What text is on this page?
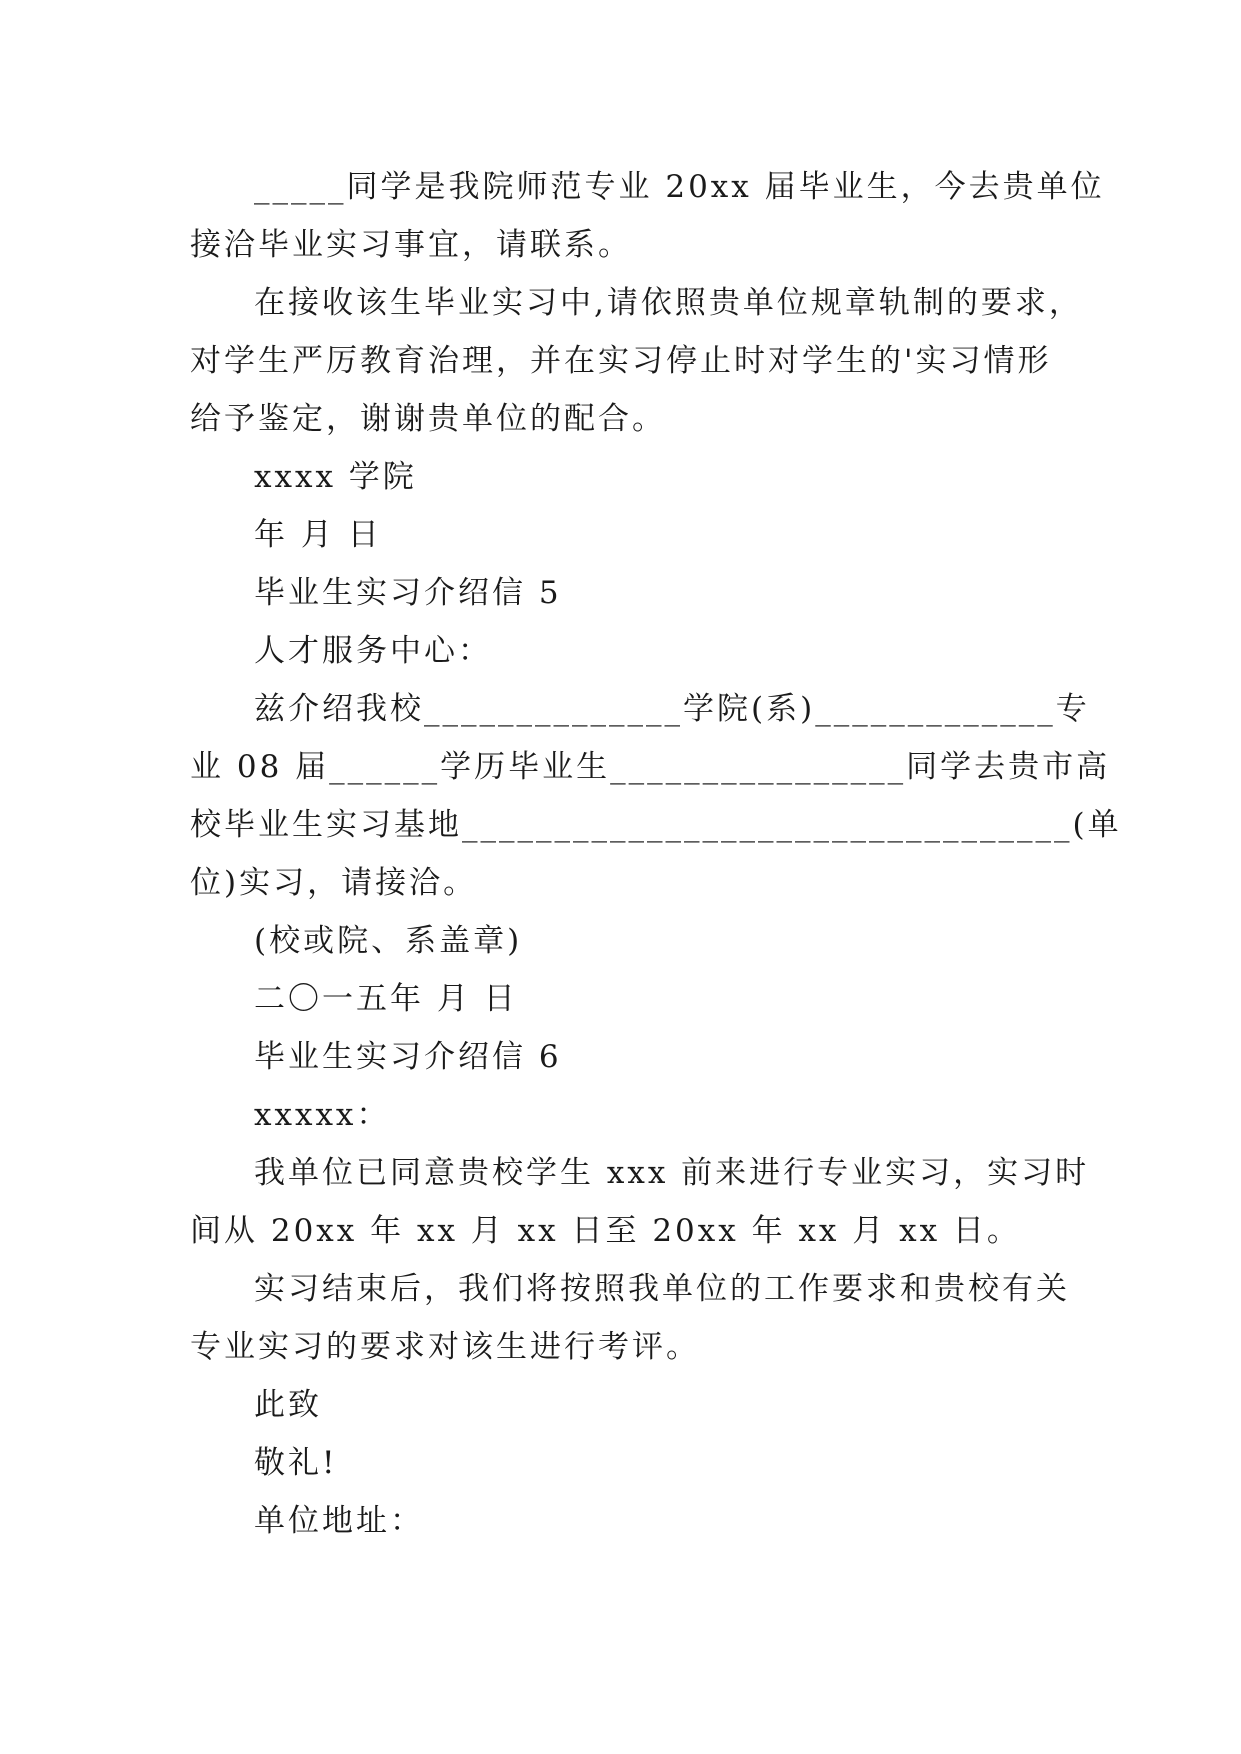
_____同学是我院师范专业 20xx 届毕业生，今去贵单位
接洽毕业实习事宜，请联系。
在接收该生毕业实习中,请依照贵单位规章轨制的要求，
对学生严厉教育治理，并在实习停止时对学生的'实习情形
给予鉴定，谢谢贵单位的配合。
xxxx 学院
年 月 日
毕业生实习介绍信 5
人才服务中心：
兹介绍我校______________学院(系)_____________专
业 08 届______学历毕业生________________同学去贵市高
校毕业生实习基地_________________________________(单
位)实习，请接洽。
(校或院、系盖章)
二〇一五年 月 日
毕业生实习介绍信 6
xxxxx：
我单位已同意贵校学生 xxx 前来进行专业实习，实习时
间从 20xx 年 xx 月 xx 日至 20xx 年 xx 月 xx 日。
实习结束后，我们将按照我单位的工作要求和贵校有关
专业实习的要求对该生进行考评。
此致
敬礼!
单位地址：
